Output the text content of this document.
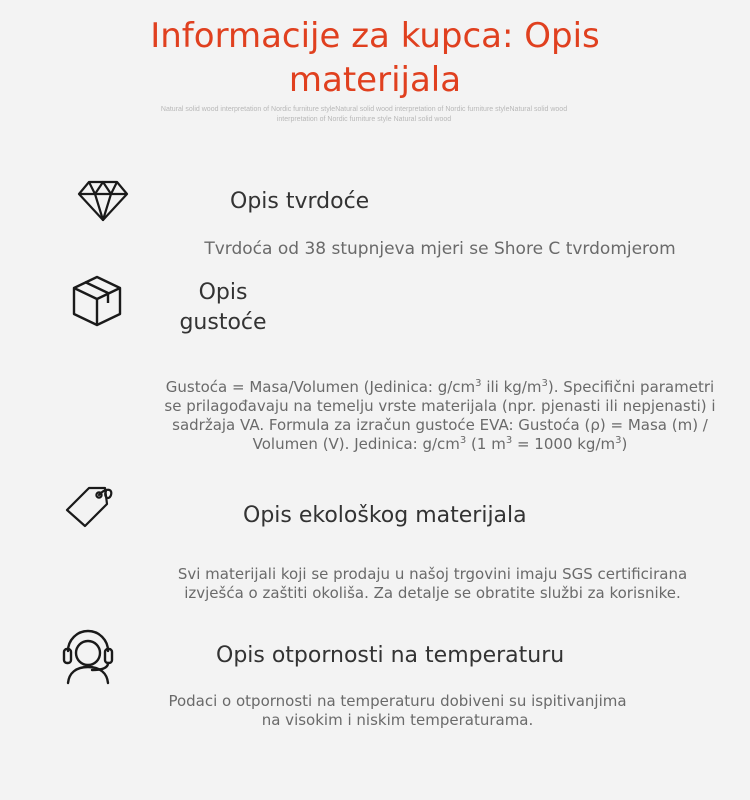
Informacije za kupca: Opis materijala
Natural solid wood interpretation of Nordic furniture styleNatural solid wood interpretation of Nordic furniture styleNatural solid wood interpretation of Nordic furniture style Natural solid wood
Opis tvrdoće

Tvrdoća od 38 stupnjeva mjeri se Shore C tvrdomjerom

Opis gustoće

Gustoća = Masa/Volumen (Jedinica: $g/cm^3$ ili $kg/m^3$). Specifični parametri se prilagođavaju na temelju vrste materijala (npr. pjenasti ili nepjenasti) i sadržaja VA. Formula za izračun gustoće EVA: Gustoća (ρ) = Masa (m) / Volumen (V). Jedinica: $g/cm^3$ (1 $m^3 = 1000$ $kg/m^3$)

Opis ekološkog materijala

Svi materijali koji se prodaju u našoj trgovini imaju SGS certificirana izvješća o zaštiti okoliša. Za detalje se obratite službi za korisnike.

Opis otpornosti na temperaturu

Podaci o otpornosti na temperaturu dobiveni su ispitivanjima na visokim i niskim temperaturama.
